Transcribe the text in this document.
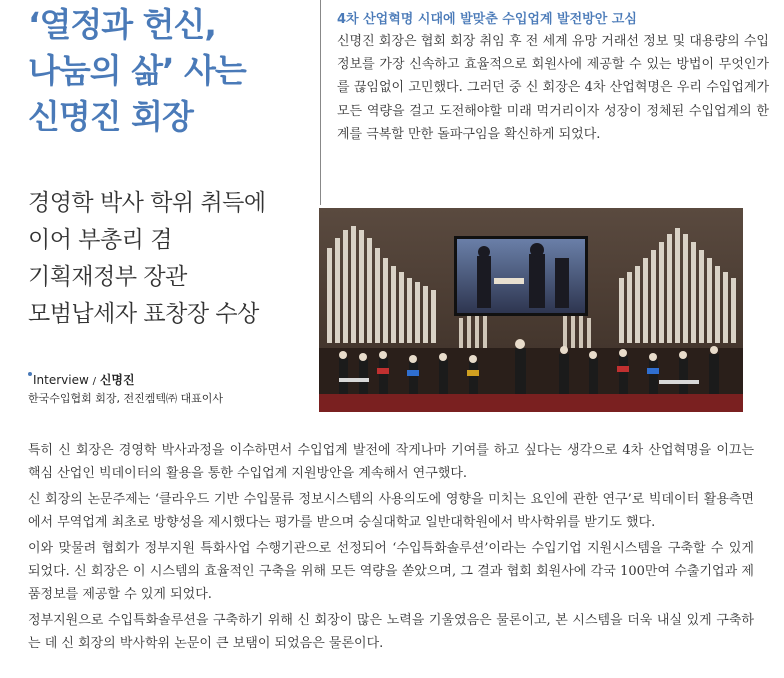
‘열정과 헌신,
나눔의 삶’ 사는
신명진 회장
경영학 박사 학위 취득에
이어 부총리 겸
기획재정부 장관
모범납세자 표창장 수상
Interview / 신명진
한국수입협회 회장, 전진켐텍㈜ 대표이사
4차 산업혁명 시대에 발맞춘 수입업계 발전방안 고심
신명진 회장은 협회 회장 취임 후 전 세계 유망 거래선 정보 및 대용량의 수입정보를 가장 신속하고 효율적으로 회원사에 제공할 수 있는 방법이 무엇인가를 끊임없이 고민했다. 그러던 중 신 회장은 4차 산업혁명은 우리 수입업계가 모든 역량을 걸고 도전해야할 미래 먹거리이자 성장이 정체된 수입업계의 한계를 극복할 만한 돌파구임을 확신하게 되었다.

특히 신 회장은 경영학 박사과정을 이수하면서 수입업계 발전에 작게나마 기여를 하고 싶다는 생각으로 4차 산업혁명을 이끄는 핵심 산업인 빅데이터의 활용을 통한 수입업계 지원방안을 계속해서 연구했다.

신 회장의 논문주제는 ‘클라우드 기반 수입물류 정보시스템의 사용의도에 영향을 미치는 요인에 관한 연구’로 빅데이터 활용측면에서 무역업계 최초로 방향성을 제시했다는 평가를 받으며 숭실대학교 일반대학원에서 박사학위를 받기도 했다.

이와 맞물려 협회가 정부지원 특화사업 수행기관으로 선정되어 ‘수입특화솔루션’이라는 수입기업 지원시스템을 구축할 수 있게 되었다. 신 회장은 이 시스템의 효율적인 구축을 위해 모든 역량을 쏟았으며, 그 결과 협회 회원사에 각국 100만여 수출기업과 제품정보를 제공할 수 있게 되었다.

정부지원으로 수입특화솔루션을 구축하기 위해 신 회장이 많은 노력을 기울였음은 물론이고, 본 시스템을 더욱 내실 있게 구축하는 데 신 회장의 박사학위 논문이 큰 보탬이 되었음은 물론이다.
